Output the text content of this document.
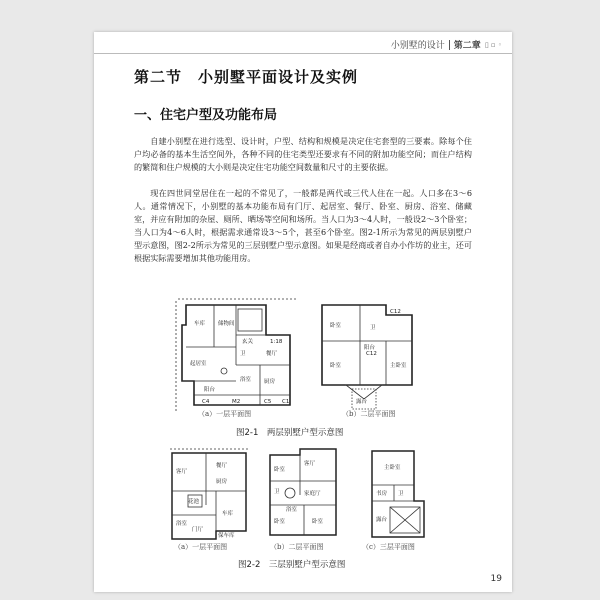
小别墅的设计 第二章 ▯ ▫ ◦
第二节　小别墅平面设计及实例
一、住宅户型及功能布局

自建小别墅在进行选型、设计时，户型、结构和规模是决定住宅套型的三要素。除每个住户均必备的基本生活空间外，各种不同的住宅类型还要求有不同的附加功能空间；而住户结构的繁简和住户规模的大小则是决定住宅功能空间数量和尺寸的主要依据。

现在四世同堂居住在一起的不常见了，一般都是两代或三代人住在一起。人口多在3～6人。通常情况下，小别墅的基本功能布局有门厅、起居室、餐厅、卧室、厨房、浴室、储藏室，并应有附加的杂屋、厕所、晒场等空间和场所。当人口为3～4人时，一般设2～3个卧室；当人口为4～6人时，根据需求通常设3～5个，甚至6个卧室。图2-1所示为常见的两层别墅户型示意图，图2-2所示为常见的三层别墅户型示意图。如果是经商或者自办小作坊的业主，还可根据实际需要增加其他功能用房。

储物间
玄关
车库
起居室
餐厅
厨房
卫
浴室
M2
C4	C5 C1
1:18
阳台
卧室
卧室	主卧室
卫
C12
C12
阳台
露台
（a）一层平面图	（b）二层平面图
图2-1　两层别墅户型示意图
客厅
餐厅
厨房
花池
浴室
车库
门厅
保车库
客厅
卧室
家庭厅
卧室	卧室
卫
浴室
主卧室
露台
卫
书房
（a）一层平面图	（b）二层平面图	（c）三层平面图
图2-2　三层别墅户型示意图
19
